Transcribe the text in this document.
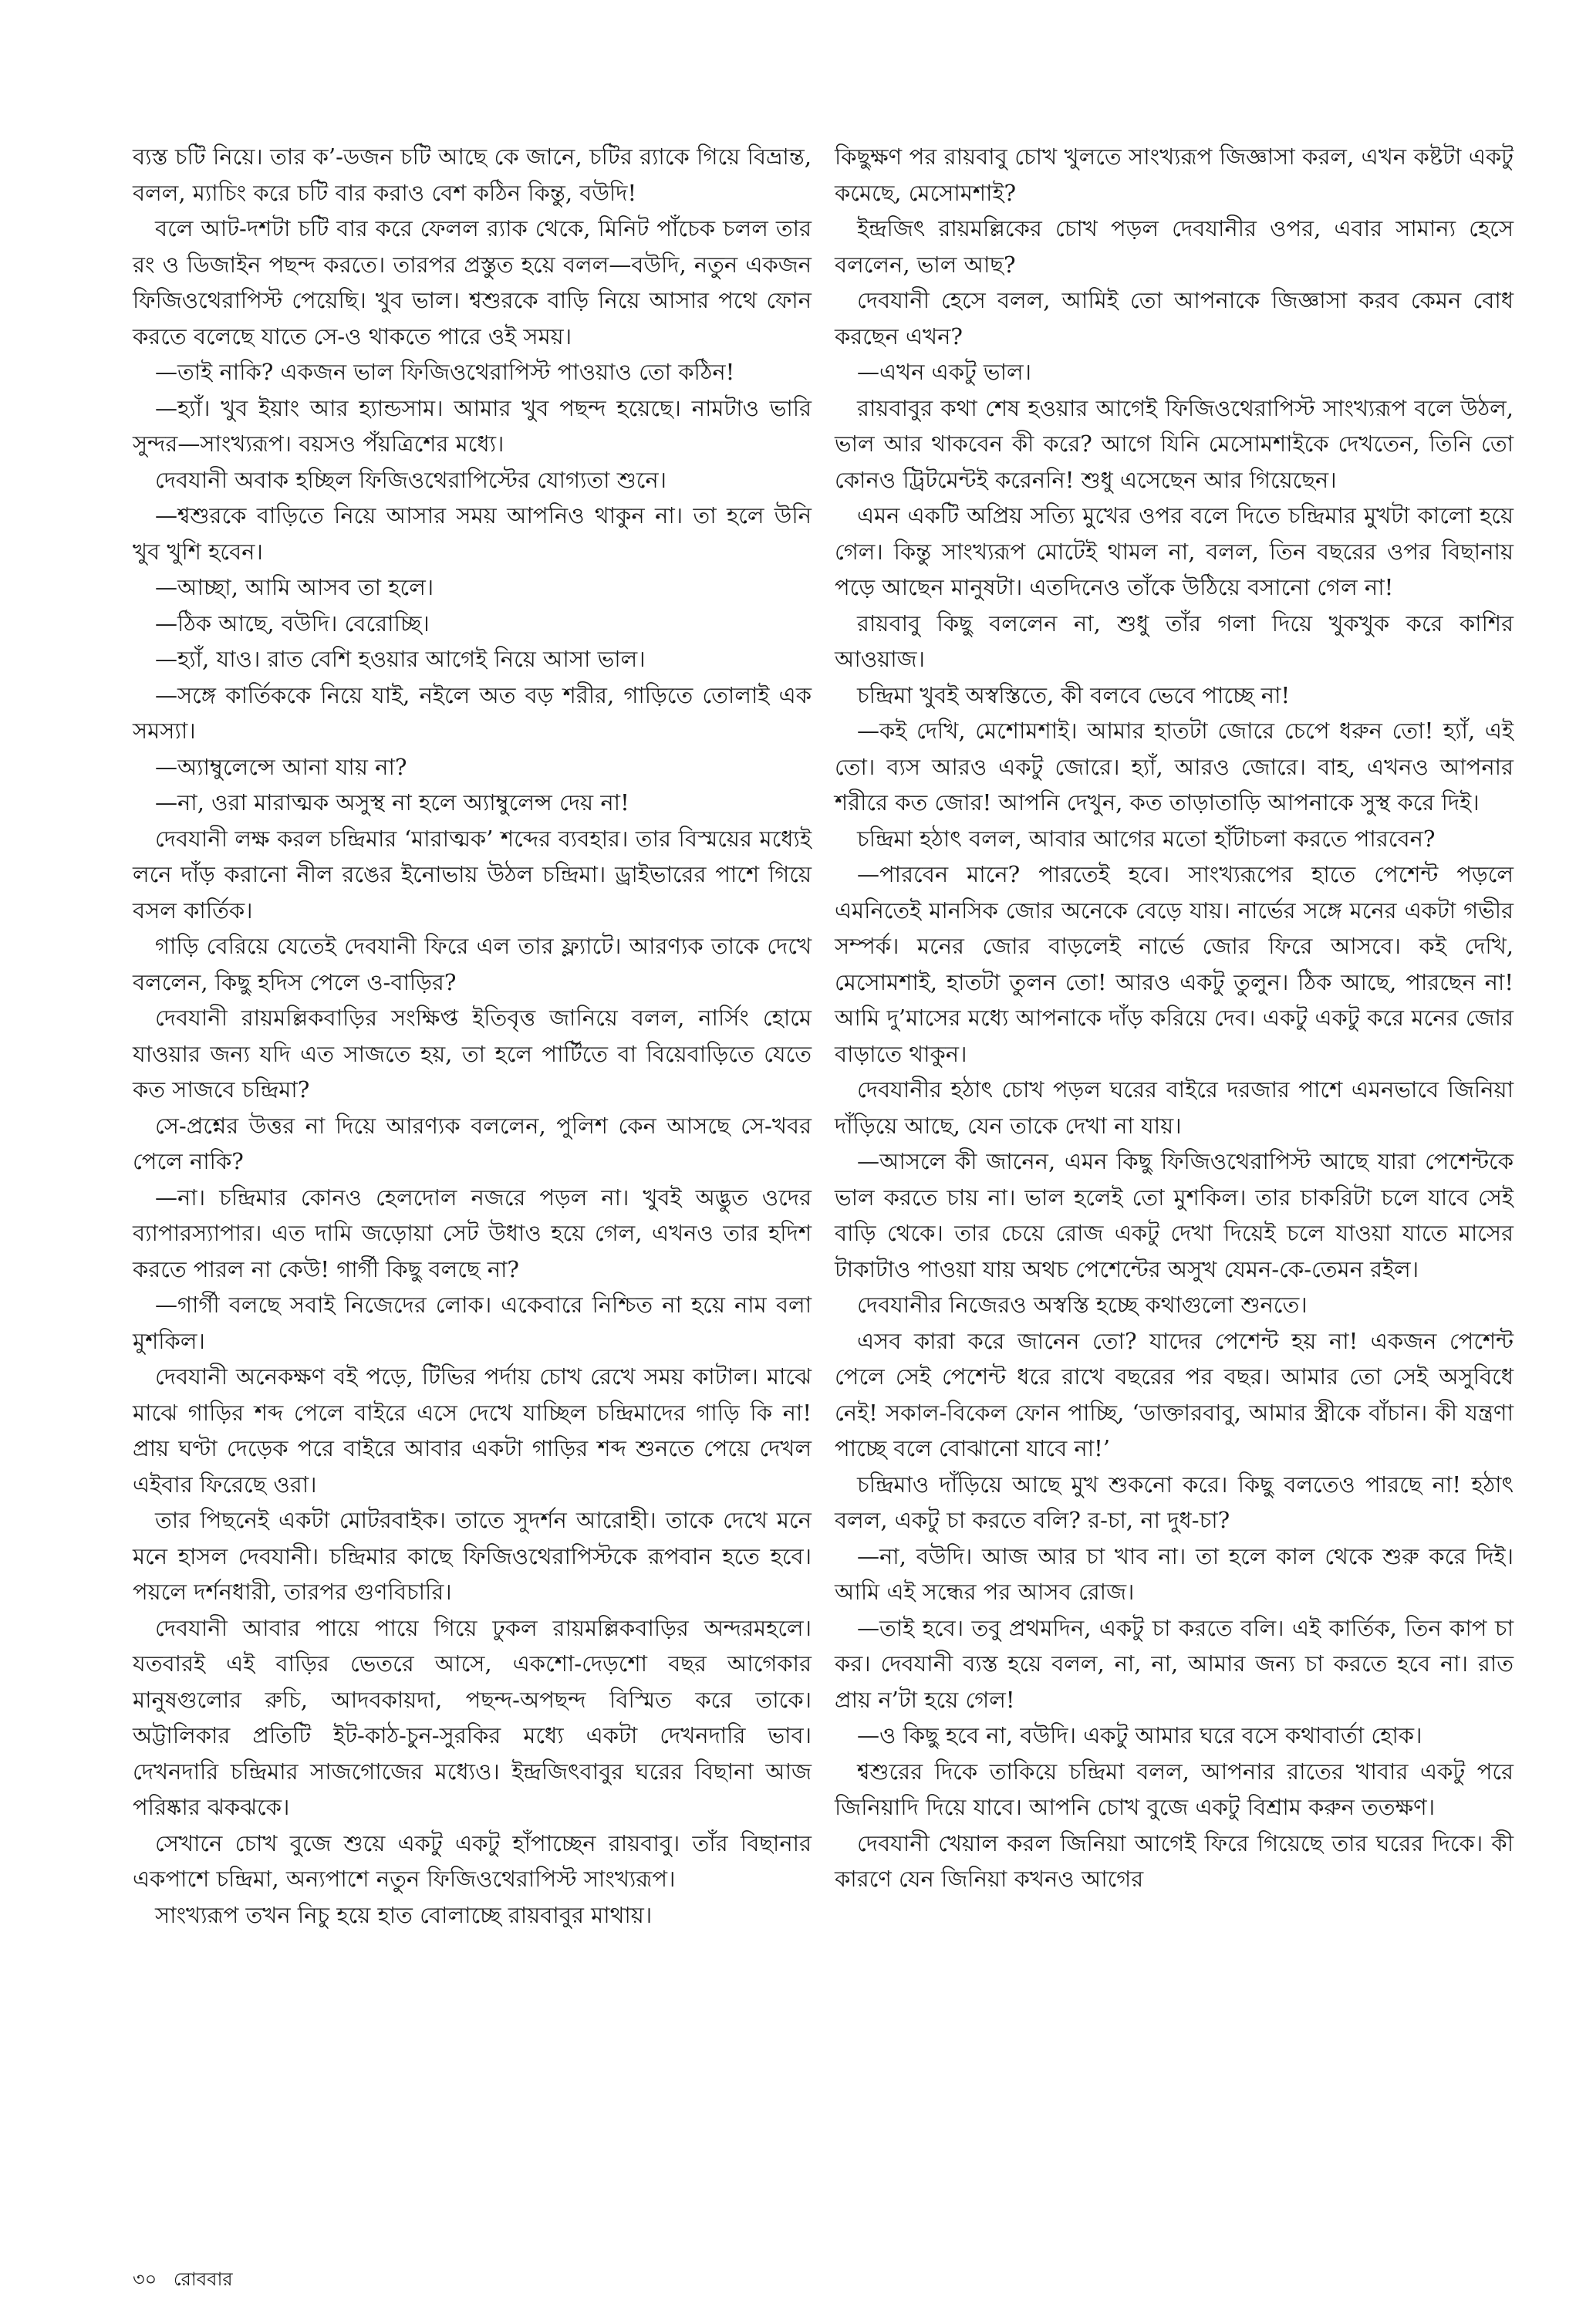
ব্যস্ত চটি নিয়ে। তার ক’-ডজন চটি আছে কে জানে, চটির র‍্যাকে গিয়ে বিভ্রান্ত, বলল, ম্যাচিং করে চটি বার করাও বেশ কঠিন কিন্তু, বউদি!

বলে আট-দশটা চটি বার করে ফেলল র‍্যাক থেকে, মিনিট পাঁচেক চলল তার রং ও ডিজাইন পছন্দ করতে। তারপর প্রস্তুত হয়ে বলল—বউদি, নতুন একজন ফিজিওথেরাপিস্ট পেয়েছি। খুব ভাল। শ্বশুরকে বাড়ি নিয়ে আসার পথে ফোন করতে বলেছে যাতে সে-ও থাকতে পারে ওই সময়।

—তাই নাকি? একজন ভাল ফিজিওথেরাপিস্ট পাওয়াও তো কঠিন!

—হ্যাঁ। খুব ইয়াং আর হ্যান্ডসাম। আমার খুব পছন্দ হয়েছে। নামটাও ভারি সুন্দর—সাংখ্যরূপ। বয়সও পঁয়ত্রিশের মধ্যে।

দেবযানী অবাক হচ্ছিল ফিজিওথেরাপিস্টের যোগ্যতা শুনে।

—শ্বশুরকে বাড়িতে নিয়ে আসার সময় আপনিও থাকুন না। তা হলে উনি খুব খুশি হবেন।

—আচ্ছা, আমি আসব তা হলে।

—ঠিক আছে, বউদি। বেরোচ্ছি।

—হ্যাঁ, যাও। রাত বেশি হওয়ার আগেই নিয়ে আসা ভাল।

—সঙ্গে কার্তিককে নিয়ে যাই, নইলে অত বড় শরীর, গাড়িতে তোলাই এক সমস্যা।

—অ্যাম্বুলেন্সে আনা যায় না?

—না, ওরা মারাত্মক অসুস্থ না হলে অ্যাম্বুলেন্স দেয় না!

দেবযানী লক্ষ করল চন্দ্রিমার ‘মারাত্মক’ শব্দের ব্যবহার। তার বিস্ময়ের মধ্যেই লনে দাঁড় করানো নীল রঙের ইনোভায় উঠল চন্দ্রিমা। ড্রাইভারের পাশে গিয়ে বসল কার্তিক।

গাড়ি বেরিয়ে যেতেই দেবযানী ফিরে এল তার ফ্ল্যাটে। আরণ্যক তাকে দেখে বললেন, কিছু হদিস পেলে ও-বাড়ির?

দেবযানী রায়মল্লিকবাড়ির সংক্ষিপ্ত ইতিবৃত্ত জানিয়ে বলল, নার্সিং হোমে যাওয়ার জন্য যদি এত সাজতে হয়, তা হলে পার্টিতে বা বিয়েবাড়িতে যেতে কত সাজবে চন্দ্রিমা?

সে-প্রশ্নের উত্তর না দিয়ে আরণ্যক বললেন, পুলিশ কেন আসছে সে-খবর পেলে নাকি?

—না। চন্দ্রিমার কোনও হেলদোল নজরে পড়ল না। খুবই অদ্ভুত ওদের ব্যাপারস্যাপার। এত দামি জড়োয়া সেট উধাও হয়ে গেল, এখনও তার হদিশ করতে পারল না কেউ! গার্গী কিছু বলছে না?

—গার্গী বলছে সবাই নিজেদের লোক। একেবারে নিশ্চিত না হয়ে নাম বলা মুশকিল।

দেবযানী অনেকক্ষণ বই পড়ে, টিভির পর্দায় চোখ রেখে সময় কাটাল। মাঝে মাঝে গাড়ির শব্দ পেলে বাইরে এসে দেখে যাচ্ছিল চন্দ্রিমাদের গাড়ি কি না! প্রায় ঘণ্টা দেড়েক পরে বাইরে আবার একটা গাড়ির শব্দ শুনতে পেয়ে দেখল এইবার ফিরেছে ওরা।

তার পিছনেই একটা মোটরবাইক। তাতে সুদর্শন আরোহী। তাকে দেখে মনে মনে হাসল দেবযানী। চন্দ্রিমার কাছে ফিজিওথেরাপিস্টকে রূপবান হতে হবে। পয়লে দর্শনধারী, তারপর গুণবিচারি।

দেবযানী আবার পায়ে পায়ে গিয়ে ঢুকল রায়মল্লিকবাড়ির অন্দরমহলে। যতবারই এই বাড়ির ভেতরে আসে, একশো-দেড়শো বছর আগেকার মানুষগুলোর রুচি, আদবকায়দা, পছন্দ-অপছন্দ বিস্মিত করে তাকে। অট্টালিকার প্রতিটি ইট-কাঠ-চুন-সুরকির মধ্যে একটা দেখনদারি ভাব। দেখনদারি চন্দ্রিমার সাজগোজের মধ্যেও। ইন্দ্রজিৎবাবুর ঘরের বিছানা আজ পরিষ্কার ঝকঝকে।

সেখানে চোখ বুজে শুয়ে একটু একটু হাঁপাচ্ছেন রায়বাবু। তাঁর বিছানার একপাশে চন্দ্রিমা, অন্যপাশে নতুন ফিজিওথেরাপিস্ট সাংখ্যরূপ।

সাংখ্যরূপ তখন নিচু হয়ে হাত বোলাচ্ছে রায়বাবুর মাথায়।

কিছুক্ষণ পর রায়বাবু চোখ খুলতে সাংখ্যরূপ জিজ্ঞাসা করল, এখন কষ্টটা একটু কমেছে, মেসোমশাই?

ইন্দ্রজিৎ রায়মল্লিকের চোখ পড়ল দেবযানীর ওপর, এবার সামান্য হেসে বললেন, ভাল আছ?

দেবযানী হেসে বলল, আমিই তো আপনাকে জিজ্ঞাসা করব কেমন বোধ করছেন এখন?

—এখন একটু ভাল।

রায়বাবুর কথা শেষ হওয়ার আগেই ফিজিওথেরাপিস্ট সাংখ্যরূপ বলে উঠল, ভাল আর থাকবেন কী করে? আগে যিনি মেসোমশাইকে দেখতেন, তিনি তো কোনও ট্রিটমেন্টই করেননি! শুধু এসেছেন আর গিয়েছেন।

এমন একটি অপ্রিয় সত্যি মুখের ওপর বলে দিতে চন্দ্রিমার মুখটা কালো হয়ে গেল। কিন্তু সাংখ্যরূপ মোটেই থামল না, বলল, তিন বছরের ওপর বিছানায় পড়ে আছেন মানুষটা। এতদিনেও তাঁকে উঠিয়ে বসানো গেল না!

রায়বাবু কিছু বললেন না, শুধু তাঁর গলা দিয়ে খুকখুক করে কাশির আওয়াজ।

চন্দ্রিমা খুবই অস্বস্তিতে, কী বলবে ভেবে পাচ্ছে না!

—কই দেখি, মেশোমশাই। আমার হাতটা জোরে চেপে ধরুন তো! হ্যাঁ, এই তো। ব্যস আরও একটু জোরে। হ্যাঁ, আরও জোরে। বাহ, এখনও আপনার শরীরে কত জোর! আপনি দেখুন, কত তাড়াতাড়ি আপনাকে সুস্থ করে দিই।

চন্দ্রিমা হঠাৎ বলল, আবার আগের মতো হাঁটাচলা করতে পারবেন?

—পারবেন মানে? পারতেই হবে। সাংখ্যরূপের হাতে পেশেন্ট পড়লে এমনিতেই মানসিক জোর অনেকে বেড়ে যায়। নার্ভের সঙ্গে মনের একটা গভীর সম্পর্ক। মনের জোর বাড়লেই নার্ভে জোর ফিরে আসবে। কই দেখি, মেসোমশাই, হাতটা তুলন তো! আরও একটু তুলুন। ঠিক আছে, পারছেন না! আমি দু’মাসের মধ্যে আপনাকে দাঁড় করিয়ে দেব। একটু একটু করে মনের জোর বাড়াতে থাকুন।

দেবযানীর হঠাৎ চোখ পড়ল ঘরের বাইরে দরজার পাশে এমনভাবে জিনিয়া দাঁড়িয়ে আছে, যেন তাকে দেখা না যায়।

—আসলে কী জানেন, এমন কিছু ফিজিওথেরাপিস্ট আছে যারা পেশেন্টকে ভাল করতে চায় না। ভাল হলেই তো মুশকিল। তার চাকরিটা চলে যাবে সেই বাড়ি থেকে। তার চেয়ে রোজ একটু দেখা দিয়েই চলে যাওয়া যাতে মাসের টাকাটাও পাওয়া যায় অথচ পেশেন্টের অসুখ যেমন-কে-তেমন রইল।

দেবযানীর নিজেরও অস্বস্তি হচ্ছে কথাগুলো শুনতে।

এসব কারা করে জানেন তো? যাদের পেশেন্ট হয় না! একজন পেশেন্ট পেলে সেই পেশেন্ট ধরে রাখে বছরের পর বছর। আমার তো সেই অসুবিধে নেই! সকাল-বিকেল ফোন পাচ্ছি, ‘ডাক্তারবাবু, আমার স্ত্রীকে বাঁচান। কী যন্ত্রণা পাচ্ছে বলে বোঝানো যাবে না!’

চন্দ্রিমাও দাঁড়িয়ে আছে মুখ শুকনো করে। কিছু বলতেও পারছে না! হঠাৎ বলল, একটু চা করতে বলি? র-চা, না দুধ-চা?

—না, বউদি। আজ আর চা খাব না। তা হলে কাল থেকে শুরু করে দিই। আমি এই সন্ধের পর আসব রোজ।

—তাই হবে। তবু প্রথমদিন, একটু চা করতে বলি। এই কার্তিক, তিন কাপ চা কর। দেবযানী ব্যস্ত হয়ে বলল, না, না, আমার জন্য চা করতে হবে না। রাত প্রায় ন’টা হয়ে গেল!

—ও কিছু হবে না, বউদি। একটু আমার ঘরে বসে কথাবার্তা হোক।

শ্বশুরের দিকে তাকিয়ে চন্দ্রিমা বলল, আপনার রাতের খাবার একটু পরে জিনিয়াদি দিয়ে যাবে। আপনি চোখ বুজে একটু বিশ্রাম করুন ততক্ষণ।

দেবযানী খেয়াল করল জিনিয়া আগেই ফিরে গিয়েছে তার ঘরের দিকে। কী কারণে যেন জিনিয়া কখনও আগের

৩০ রোববার
